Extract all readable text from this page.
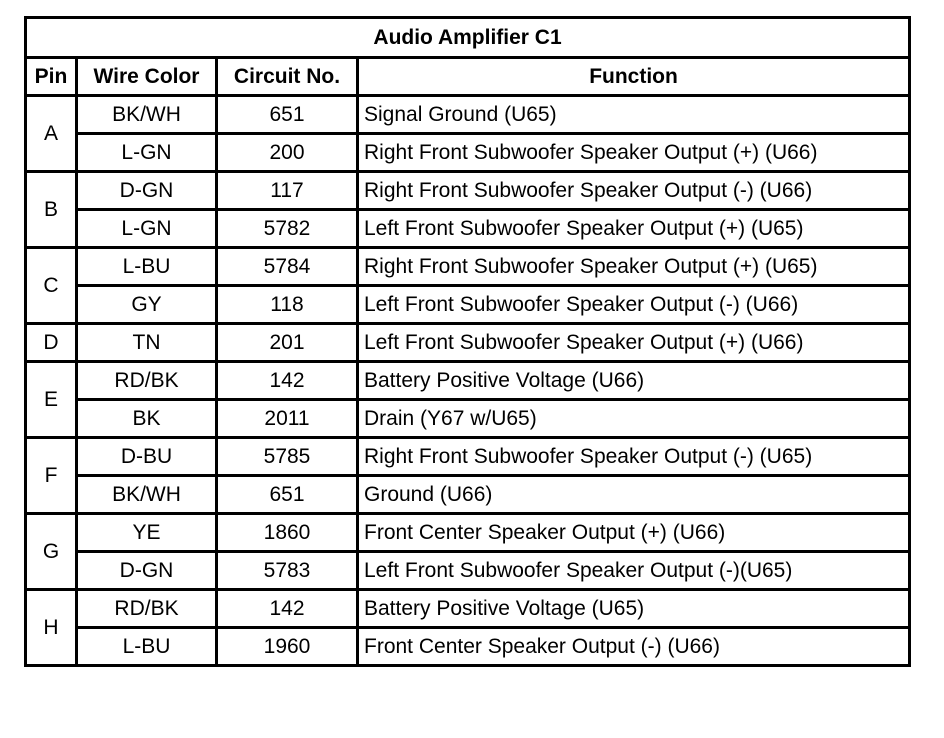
Audio Amplifier C1			
Pin	Wire Color	Circuit No.	Function
A	BK/WH	651	Signal Ground (U65)
	L-GN	200	Right Front Subwoofer Speaker Output (+) (U66)
B	D-GN	117	Right Front Subwoofer Speaker Output (-) (U66)
	L-GN	5782	Left Front Subwoofer Speaker Output (+) (U65)
C	L-BU	5784	Right Front Subwoofer Speaker Output (+) (U65)
	GY	118	Left Front Subwoofer Speaker Output (-) (U66)
D	TN	201	Left Front Subwoofer Speaker Output (+) (U66)
E	RD/BK	142	Battery Positive Voltage (U66)
	BK	2011	Drain (Y67 w/U65)
F	D-BU	5785	Right Front Subwoofer Speaker Output (-) (U65)
	BK/WH	651	Ground (U66)
G	YE	1860	Front Center Speaker Output (+) (U66)
	D-GN	5783	Left Front Subwoofer Speaker Output (-)(U65)
H	RD/BK	142	Battery Positive Voltage (U65)
	L-BU	1960	Front Center Speaker Output (-) (U66)
